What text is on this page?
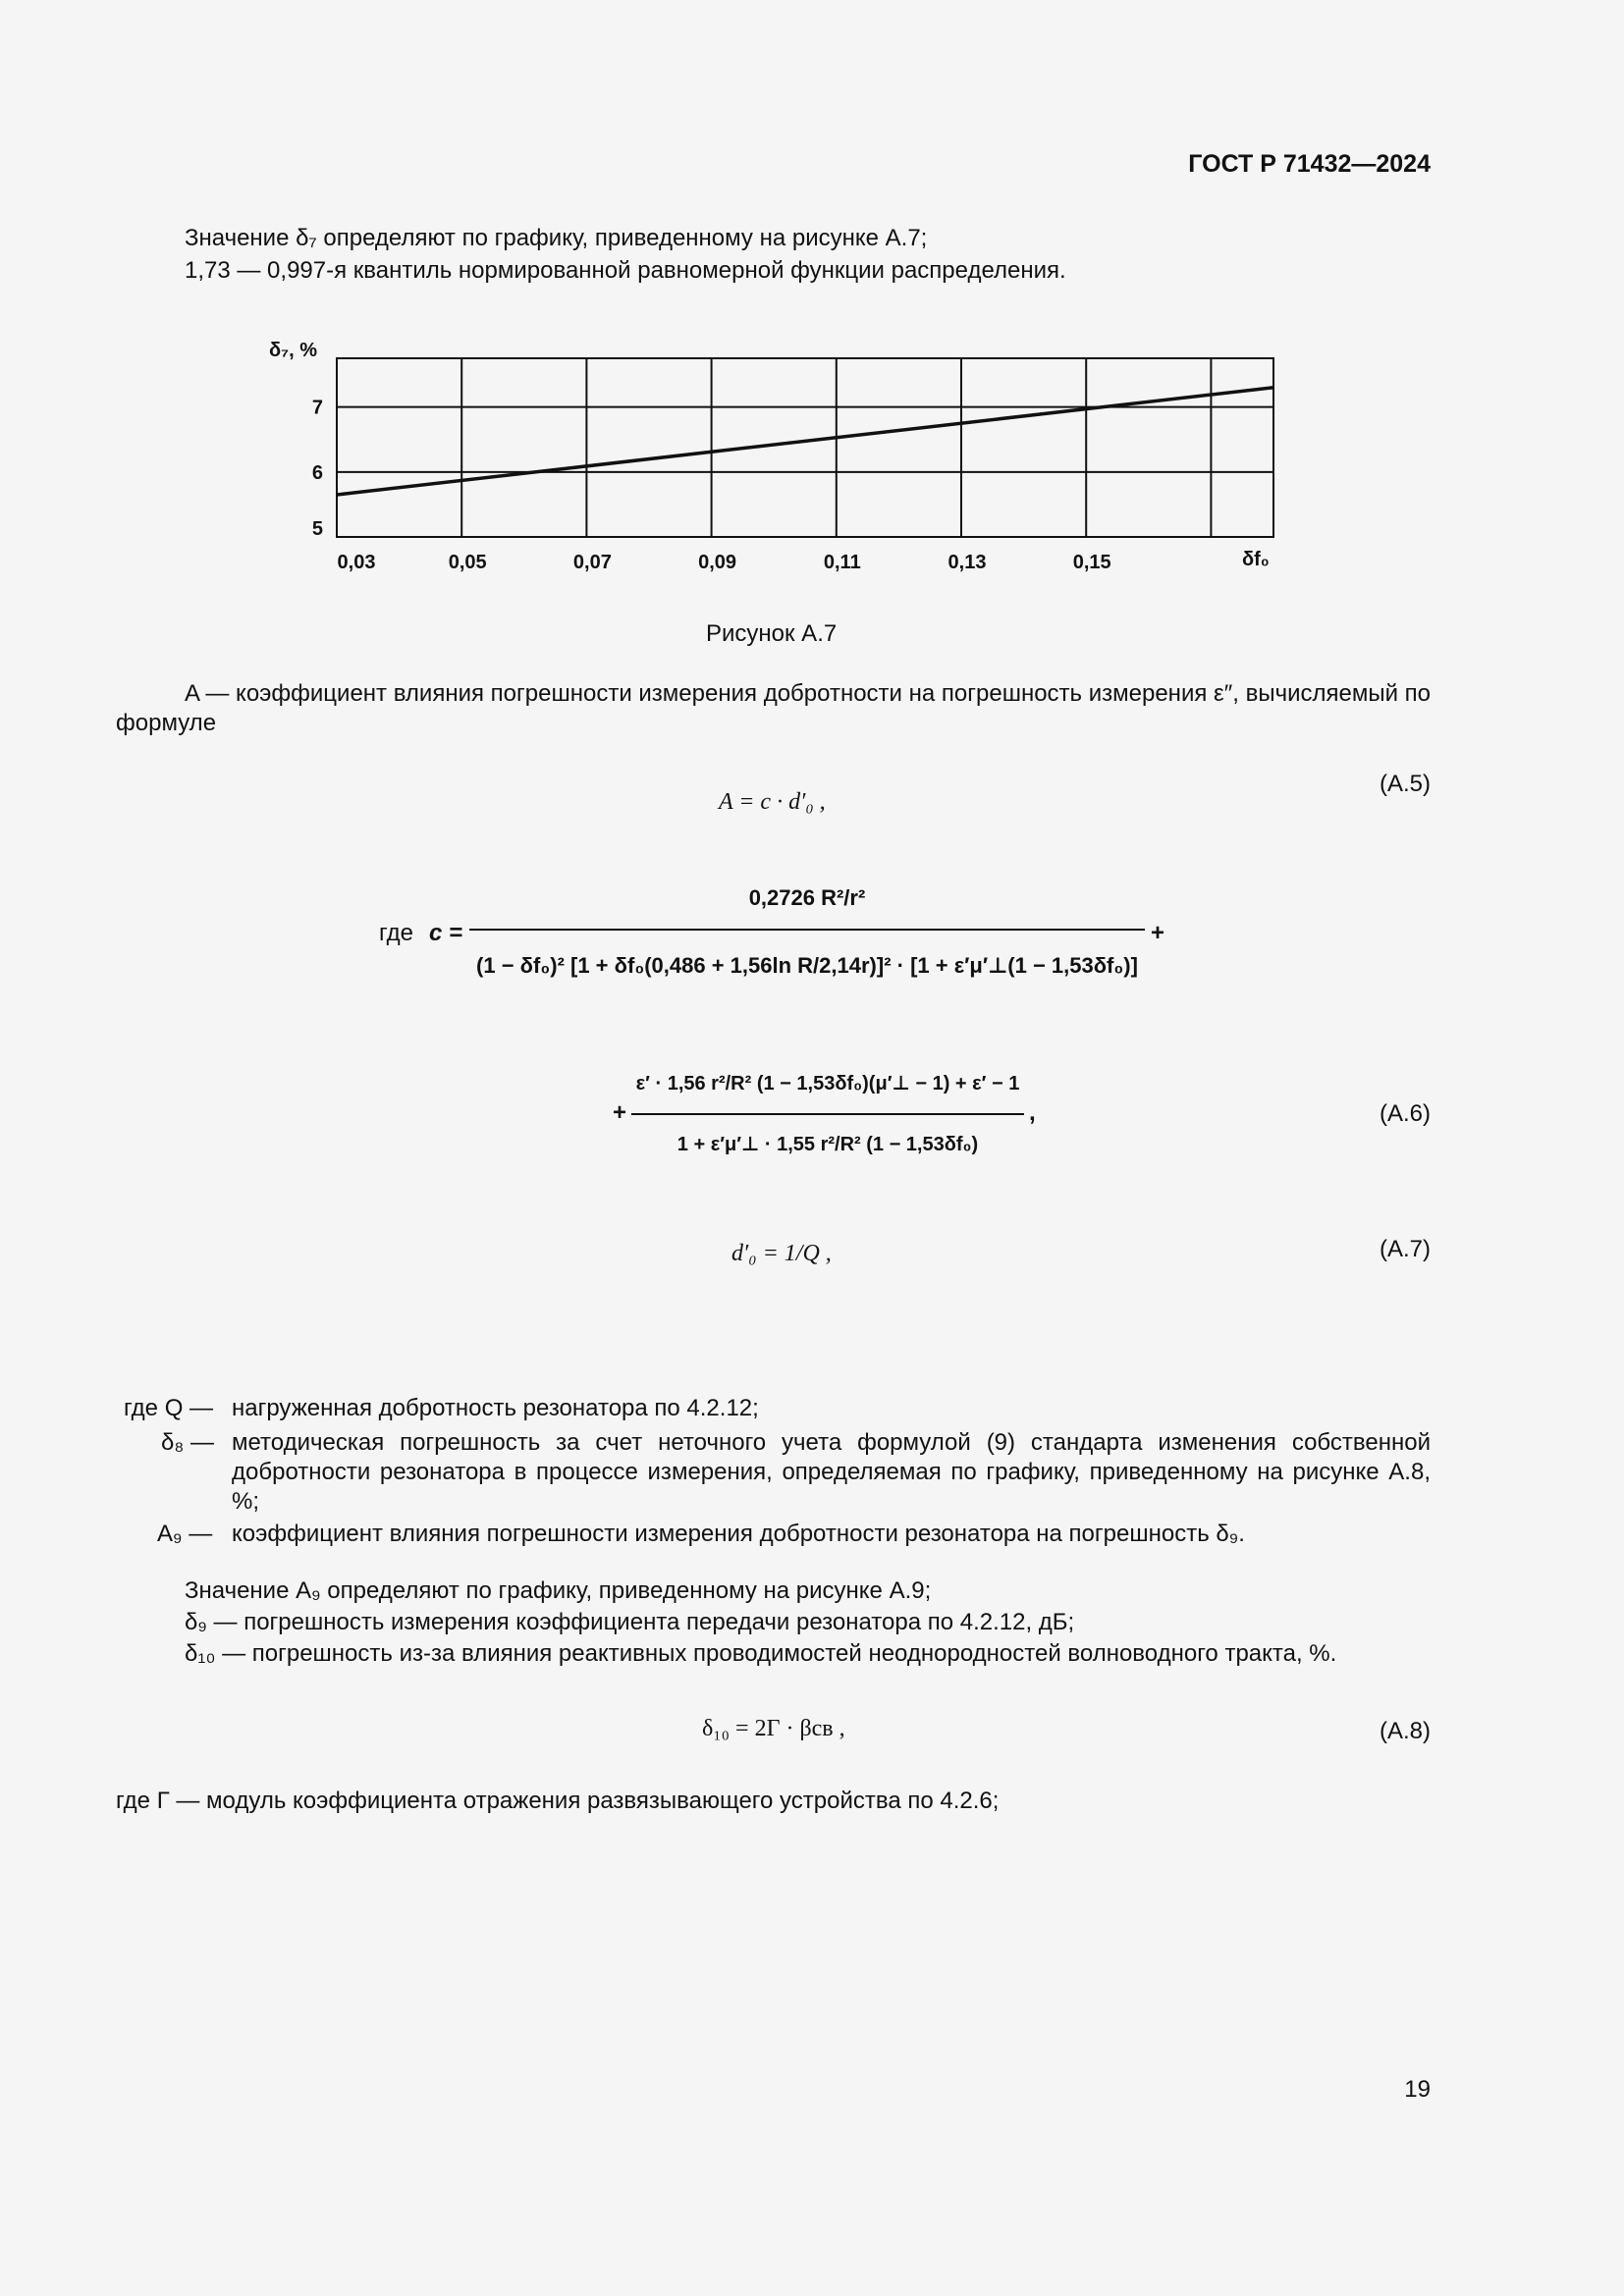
ГОСТ Р 71432—2024
Значение δ₇ определяют по графику, приведенному на рисунке А.7;
1,73 — 0,997-я квантиль нормированной равномерной функции распределения.
5
6
7
0,03	0,05	0,07	0,09	0,11	0,13	0,15
δ₇, %
δf₀
Рисунок А.7
A — коэффициент влияния погрешности измерения добротности на погрешность измерения ε″, вычисляемый по формуле
A = c · d′₀ ,
(А.5)
где c =
0,2726 R²/r²
(1 − δf₀)² [1 + δf₀(0,486 + 1,56ln R/2,14r)]² · [1 + ε′μ′⊥(1 − 1,53δf₀)]
+
+
ε′ · 1,56 r²/R² (1 − 1,53δf₀)(μ′⊥ − 1) + ε′ − 1
1 + ε′μ′⊥ · 1,55 r²/R² (1 − 1,53δf₀)
,	(А.6)
d′₀ = 1/Q ,	(А.7)
где Q — нагруженная добротность резонатора по 4.2.12;
δ₈ — методическая погрешность за счет неточного учета формулой (9) стандарта изменения собственной добротности резонатора в процессе измерения, определяемая по графику, приведенному на рисунке А.8, %;
A₉ — коэффициент влияния погрешности измерения добротности резонатора на погрешность δ₉.
Значение A₉ определяют по графику, приведенному на рисунке А.9;
δ₉ — погрешность измерения коэффициента передачи резонатора по 4.2.12, дБ;
δ₁₀ — погрешность из-за влияния реактивных проводимостей неоднородностей волноводного тракта, %.
δ₁₀ = 2Г · βсв ,	(А.8)
где Г — модуль коэффициента отражения развязывающего устройства по 4.2.6;
19
